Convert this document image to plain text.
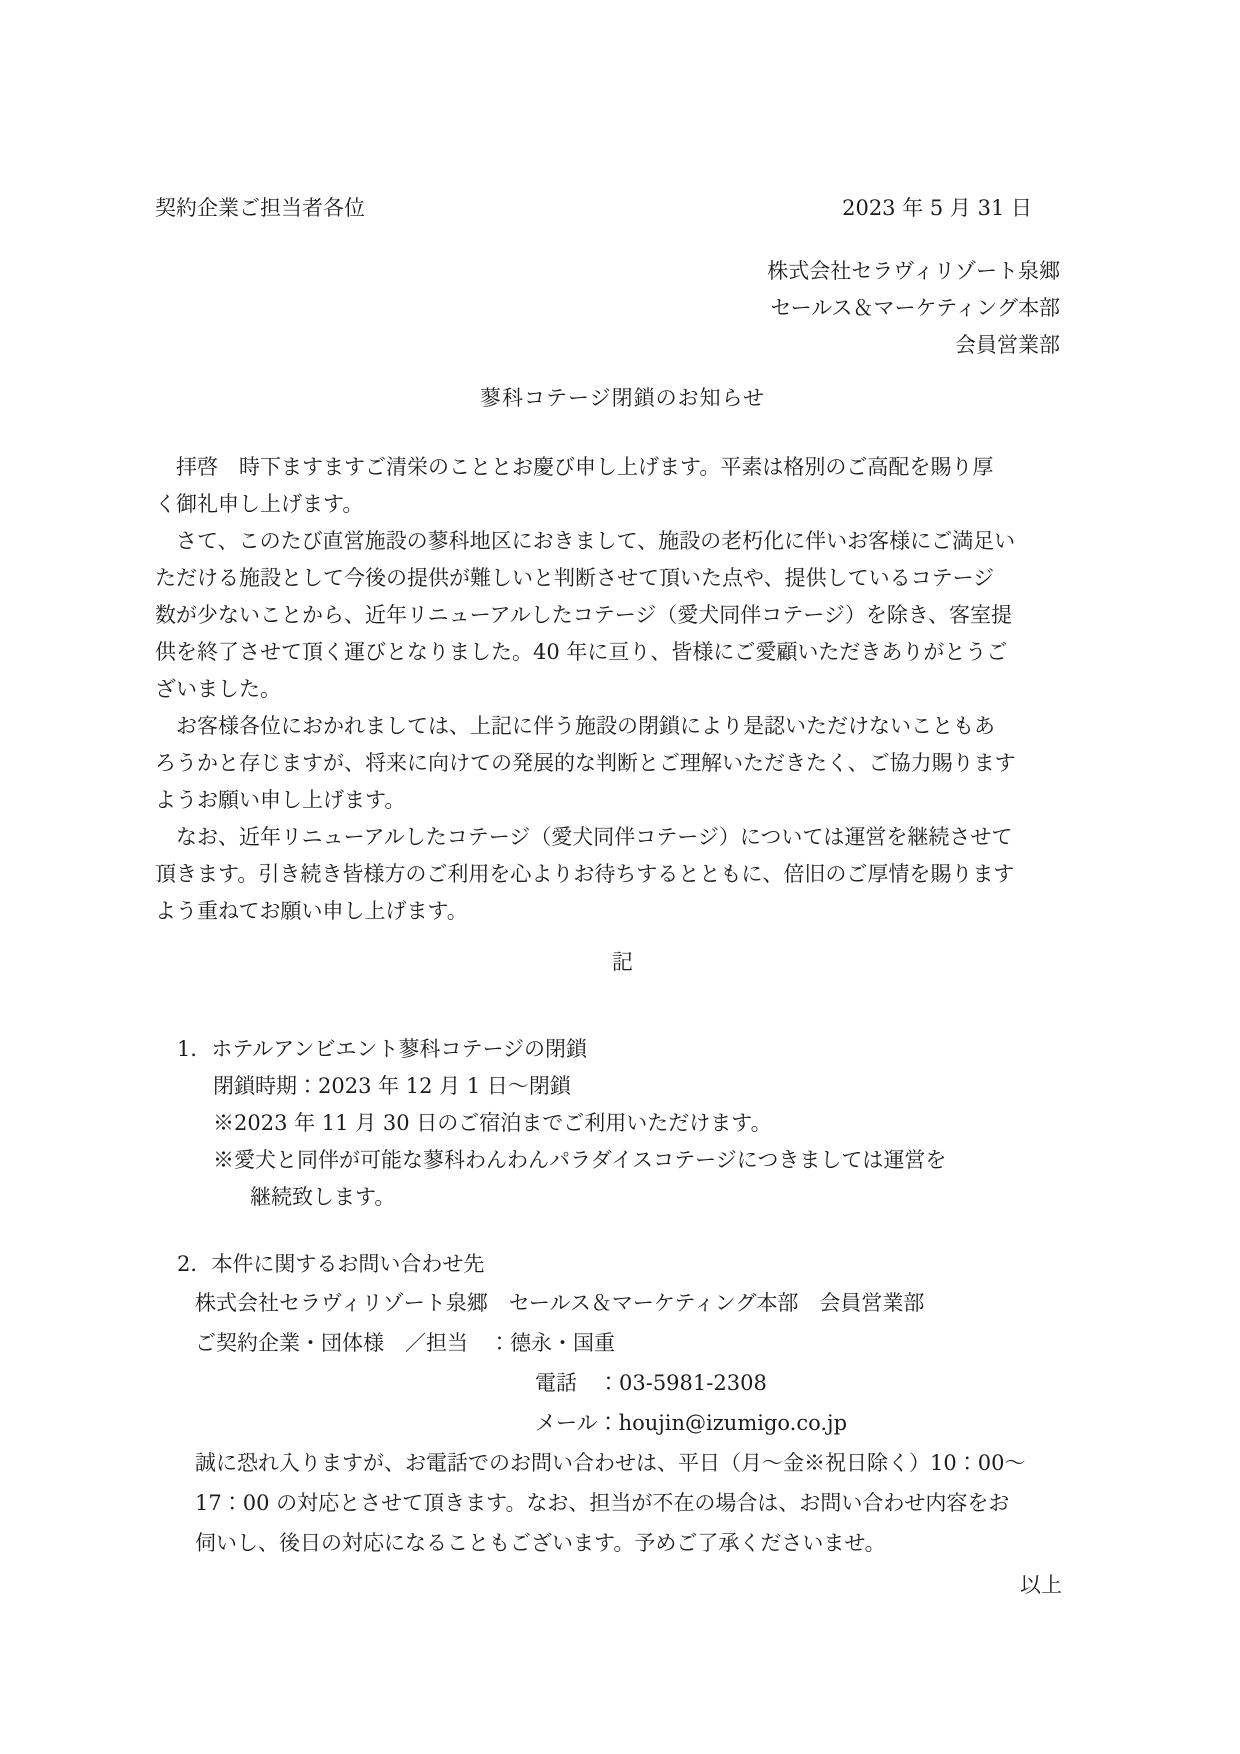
契約企業ご担当者各位	2023 年 5 月 31 日
株式会社セラヴィリゾート泉郷
セールス＆マーケティング本部
会員営業部
蓼科コテージ閉鎖のお知らせ
　拝啓　時下ますますご清栄のこととお慶び申し上げます。平素は格別のご高配を賜り厚
く御礼申し上げます。
　さて、このたび直営施設の蓼科地区におきまして、施設の老朽化に伴いお客様にご満足い
ただける施設として今後の提供が難しいと判断させて頂いた点や、提供しているコテージ
数が少ないことから、近年リニューアルしたコテージ（愛犬同伴コテージ）を除き、客室提
供を終了させて頂く運びとなりました。40 年に亘り、皆様にご愛顧いただきありがとうご
ざいました。
　お客様各位におかれましては、上記に伴う施設の閉鎖により是認いただけないこともあ
ろうかと存じますが、将来に向けての発展的な判断とご理解いただきたく、ご協力賜ります
ようお願い申し上げます。
　なお、近年リニューアルしたコテージ（愛犬同伴コテージ）については運営を継続させて
頂きます。引き続き皆様方のご利用を心よりお待ちするとともに、倍旧のご厚情を賜ります
よう重ねてお願い申し上げます。
記
1．ホテルアンビエント蓼科コテージの閉鎖
閉鎖時期：2023 年 12 月 1 日～閉鎖
※2023 年 11 月 30 日のご宿泊までご利用いただけます。
※愛犬と同伴が可能な蓼科わんわんパラダイスコテージにつきましては運営を
継続致します。
2．本件に関するお問い合わせ先
株式会社セラヴィリゾート泉郷　セールス＆マーケティング本部　会員営業部
ご契約企業・団体様　／担当　：德永・国重
電話　：03-5981-2308
メール：houjin@izumigo.co.jp
誠に恐れ入りますが、お電話でのお問い合わせは、平日（月～金※祝日除く）10：00～
17：00 の対応とさせて頂きます。なお、担当が不在の場合は、お問い合わせ内容をお
伺いし、後日の対応になることもございます。予めご了承くださいませ。
以上
